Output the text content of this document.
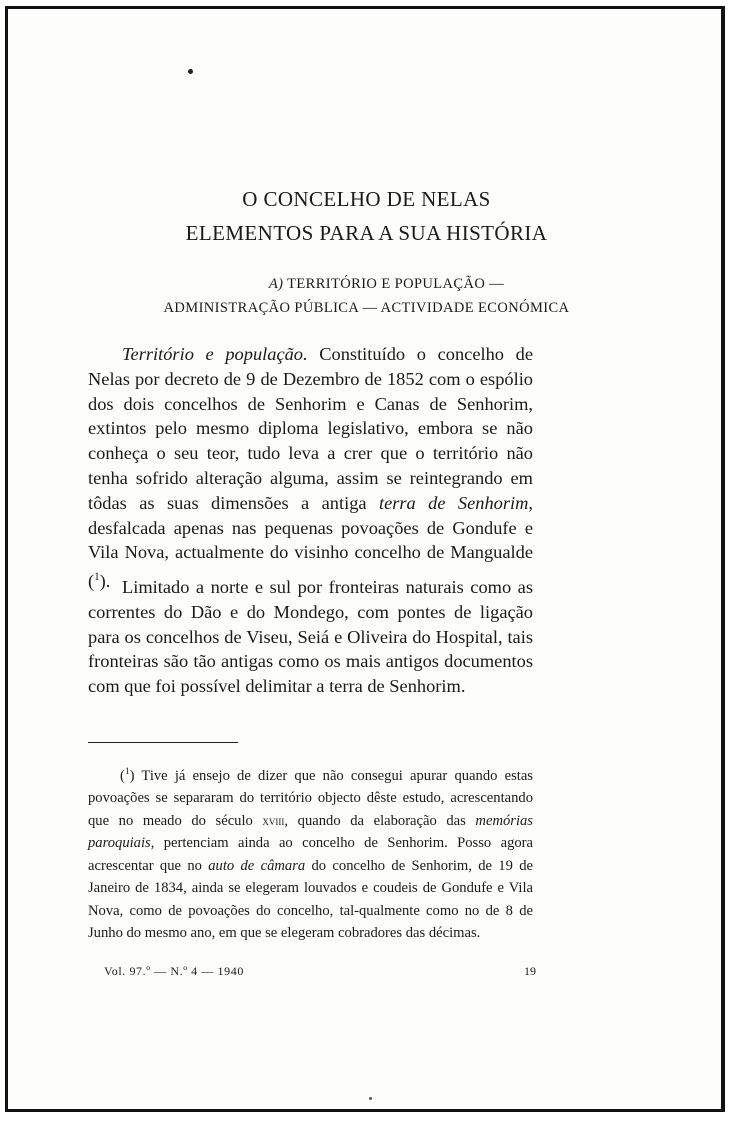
O CONCELHO DE NELAS
ELEMENTOS PARA A SUA HISTÓRIA
A) TERRITÓRIO E POPULAÇÃO —
ADMINISTRAÇÃO PÚBLICA — ACTIVIDADE ECONÓMICA

Território e população. Constituído o concelho de Nelas por decreto de 9 de Dezembro de 1852 com o espólio dos dois concelhos de Senhorim e Canas de Senhorim, extintos pelo mesmo diploma legislativo, embora se não conheça o seu teor, tudo leva a crer que o território não tenha sofrido alteração alguma, assim se reintegrando em tôdas as suas dimensões a antiga terra de Senhorim, desfalcada apenas nas pequenas povoações de Gondufe e Vila Nova, actualmente do visinho concelho de Mangualde ($^1$). Limitado a norte e sul por fronteiras naturais como as correntes do Dão e do Mondego, com pontes de ligação para os concelhos de Viseu, Seiá e Oliveira do Hospital, tais fronteiras são tão antigas como os mais antigos documentos com que foi possível delimitar a terra de Senhorim.

($^1$) Tive já ensejo de dizer que não consegui apurar quando estas povoações se separaram do território objecto dêste estudo, acrescentando que no meado do século xviii, quando da elaboração das memórias paroquiais, pertenciam ainda ao concelho de Senhorim. Posso agora acrescentar que no auto de câmara do concelho de Senhorim, de 19 de Janeiro de 1834, ainda se elegeram louvados e coudeis de Gondufe e Vila Nova, como de povoações do concelho, tal-qualmente como no de 8 de Junho do mesmo ano, em que se elegeram cobradores das décimas.

Vol. 97.º — N.º 4 — 1940	19
